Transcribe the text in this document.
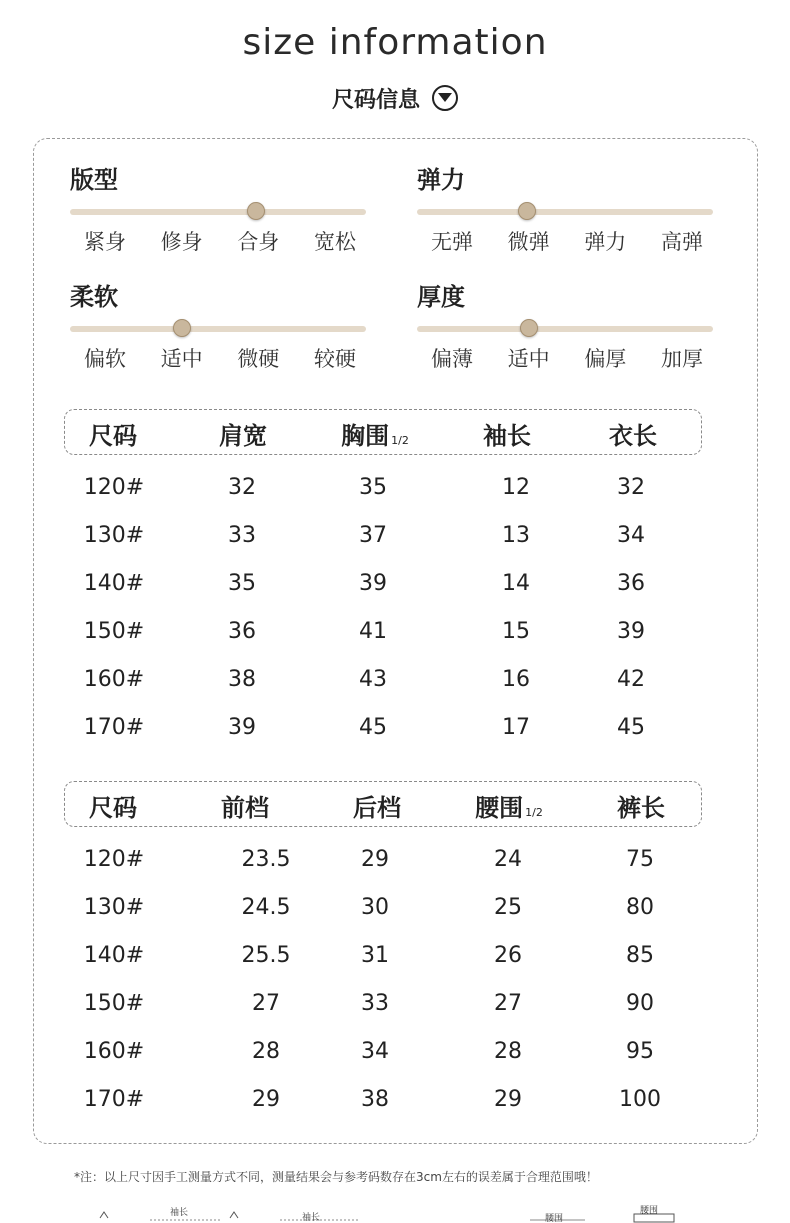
size information
尺码信息
版型
紧身	修身	合身	宽松
弹力
无弹	微弹	弹力	高弹
柔软
偏软	适中	微硬	较硬
厚度
偏薄	适中	偏厚	加厚
尺码	肩宽	胸围 1/2	袖长	衣长
120#	32	35	12	32
130#	33	37	13	34
140#	35	39	14	36
150#	36	41	15	39
160#	38	43	16	42
170#	39	45	17	45
尺码	前档	后档	腰围 1/2	裤长
120#	23.5	29	24	75
130#	24.5	30	25	80
140#	25.5	31	26	85
150#	27	33	27	90
160#	28	34	28	95
170#	29	38	29	100
*注：以上尺寸因手工测量方式不同，测量结果会与参考码数存在3cm左右的误差属于合理范围哦！
袖长	袖长	腰围
腰围
